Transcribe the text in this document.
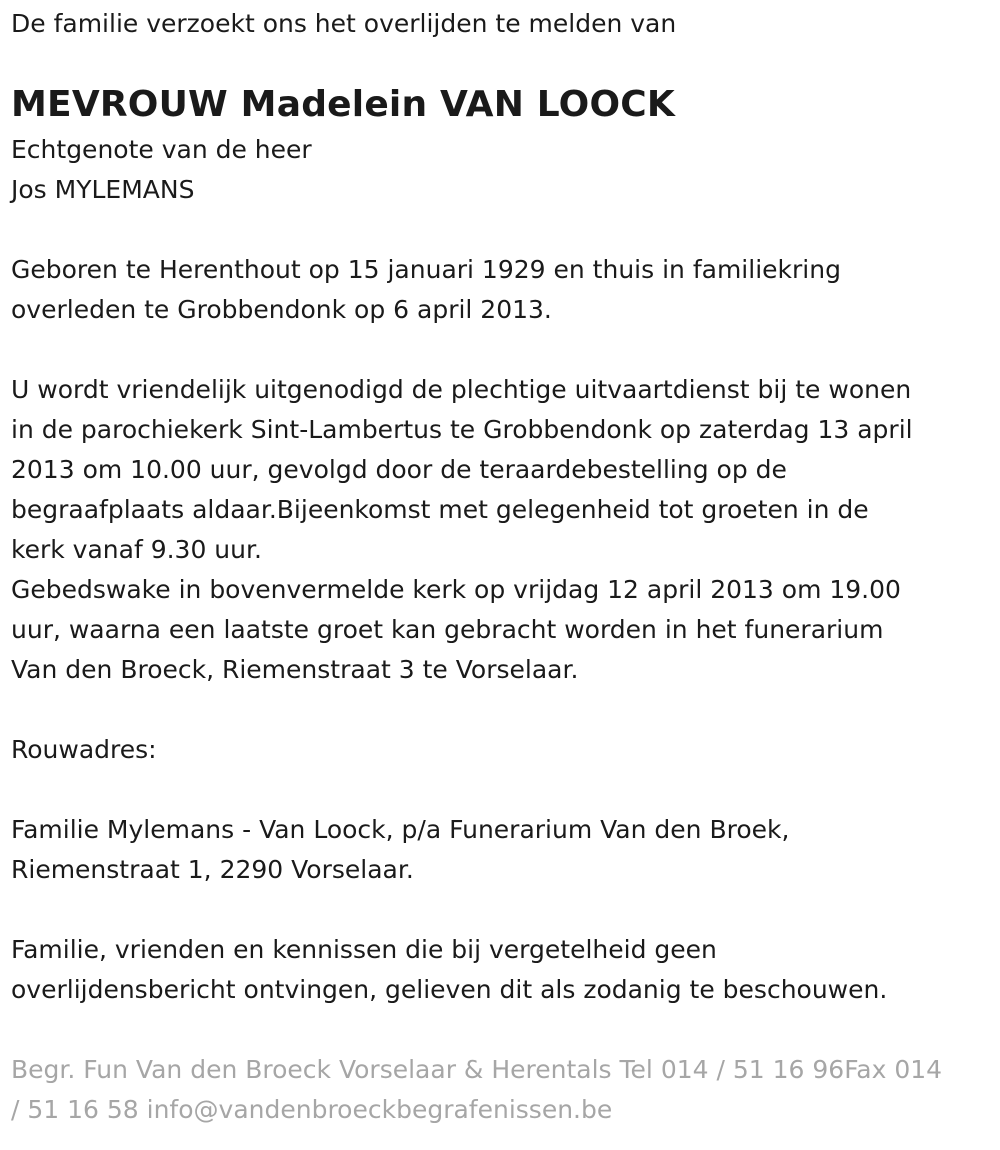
De familie verzoekt ons het overlijden te melden van

MEVROUW Madelein VAN LOOCK

Echtgenote van de heer

Jos MYLEMANS

Geboren te Herenthout op 15 januari 1929 en thuis in familiekring

overleden te Grobbendonk op 6 april 2013.

U wordt vriendelijk uitgenodigd de plechtige uitvaartdienst bij te wonen

in de parochiekerk Sint-Lambertus te Grobbendonk op zaterdag 13 april

2013 om 10.00 uur, gevolgd door de teraardebestelling op de

begraafplaats aldaar.Bijeenkomst met gelegenheid tot groeten in de

kerk vanaf 9.30 uur.

Gebedswake in bovenvermelde kerk op vrijdag 12 april 2013 om 19.00

uur, waarna een laatste groet kan gebracht worden in het funerarium

Van den Broeck, Riemenstraat 3 te Vorselaar.

Rouwadres:

Familie Mylemans - Van Loock, p/a Funerarium Van den Broek,

Riemenstraat 1, 2290 Vorselaar.

Familie, vrienden en kennissen die bij vergetelheid geen

overlijdensbericht ontvingen, gelieven dit als zodanig te beschouwen.

Begr. Fun Van den Broeck Vorselaar & Herentals Tel 014 / 51 16 96Fax 014

/ 51 16 58 info@vandenbroeckbegrafenissen.be
